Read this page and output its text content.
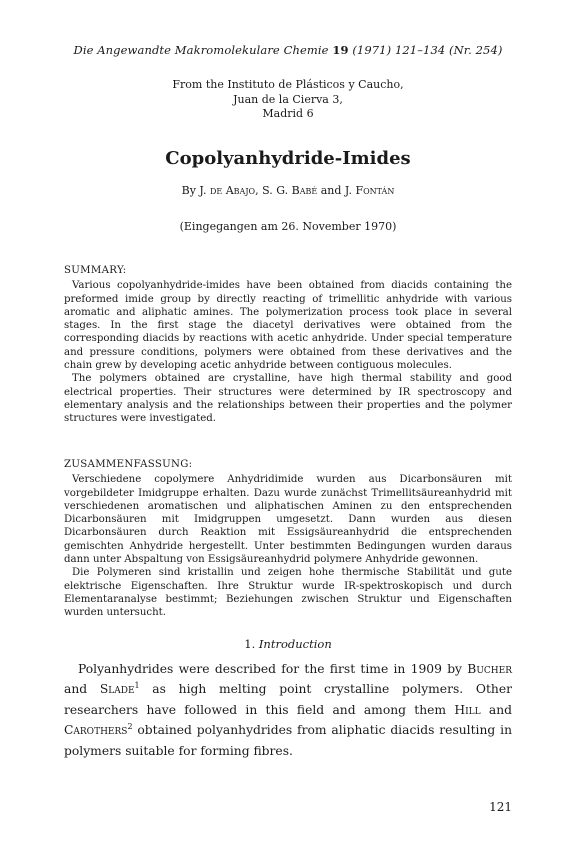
Die Angewandte Makromolekulare Chemie 19 (1971) 121–134 (Nr. 254)
From the Instituto de Plásticos y Caucho,
Juan de la Cierva 3,
Madrid 6
Copolyanhydride-Imides
By J. de Abajo, S. G. Babé and J. Fontán
(Eingegangen am 26. November 1970)
SUMMARY:

Various copolyanhydride-imides have been obtained from diacids containing the preformed imide group by directly reacting of trimellitic anhydride with various aromatic and aliphatic amines. The polymerization process took place in several stages. In the first stage the diacetyl derivatives were obtained from the corresponding diacids by reactions with acetic anhydride. Under special temperature and pressure conditions, polymers were obtained from these derivatives and the chain grew by developing acetic anhydride between contiguous molecules.

The polymers obtained are crystalline, have high thermal stability and good electrical properties. Their structures were determined by IR spectroscopy and elementary analysis and the relationships between their properties and the polymer structures were investigated.

ZUSAMMENFASSUNG:

Verschiedene copolymere Anhydridimide wurden aus Dicarbonsäuren mit vorgebildeter Imidgruppe erhalten. Dazu wurde zunächst Trimellitsäureanhydrid mit verschiedenen aromatischen und aliphatischen Aminen zu den entsprechenden Dicarbonsäuren mit Imidgruppen umgesetzt. Dann wurden aus diesen Dicarbonsäuren durch Reaktion mit Essigsäureanhydrid die entsprechenden gemischten Anhydride hergestellt. Unter bestimmten Bedingungen wurden daraus dann unter Abspaltung von Essigsäureanhydrid polymere Anhydride gewonnen.

Die Polymeren sind kristallin und zeigen hohe thermische Stabilität und gute elektrische Eigenschaften. Ihre Struktur wurde IR-spektroskopisch und durch Elementaranalyse bestimmt; Beziehungen zwischen Struktur und Eigenschaften wurden untersucht.

1. Introduction

Polyanhydrides were described for the first time in 1909 by Bucher and Slade$^1$ as high melting point crystalline polymers. Other researchers have followed in this field and among them Hill and Carothers$^2$ obtained polyanhydrides from aliphatic diacids resulting in polymers suitable for forming fibres.

121
